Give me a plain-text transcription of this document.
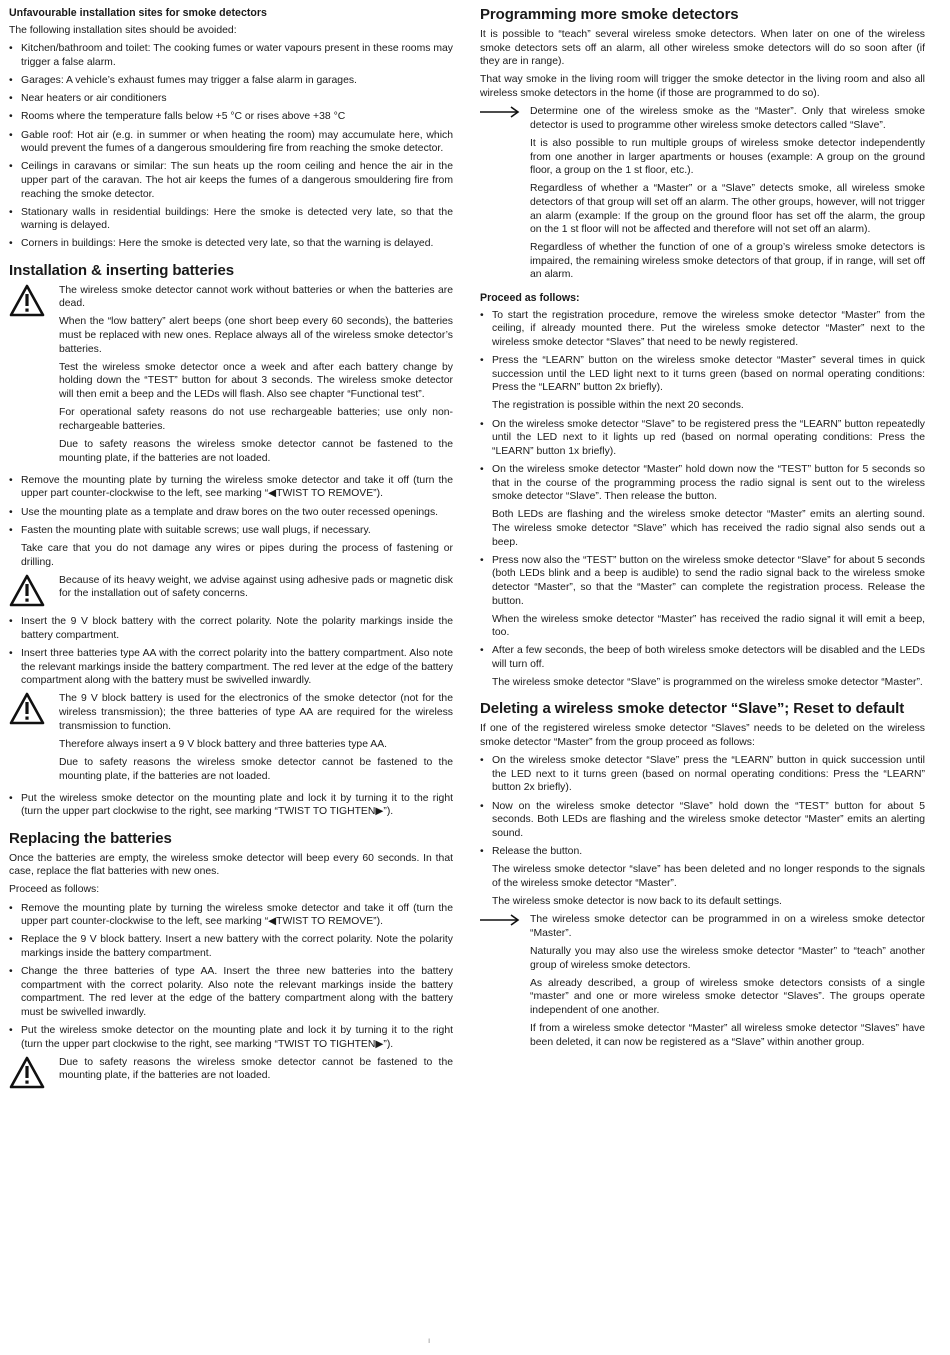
Unfavourable installation sites for smoke detectors

The following installation sites should be avoided:

• Kitchen/bathroom and toilet: The cooking fumes or water vapours present in these rooms may trigger a false alarm.
• Garages: A vehicle’s exhaust fumes may trigger a false alarm in garages.
• Near heaters or air conditioners
• Rooms where the temperature falls below +5 °C or rises above +38 °C
• Gable roof: Hot air (e.g. in summer or when heating the room) may accumulate here, which would prevent the fumes of a dangerous smouldering fire from reaching the smoke detector.
• Ceilings in caravans or similar: The sun heats up the room ceiling and hence the air in the upper part of the caravan. The hot air keeps the fumes of a dangerous smouldering fire from reaching the smoke detector.
• Stationary walls in residential buildings: Here the smoke is detected very late, so that the warning is delayed.
• Corners in buildings: Here the smoke is detected very late, so that the warning is delayed.

Installation & inserting batteries

The wireless smoke detector cannot work without batteries or when the batteries are dead.

When the “low battery” alert beeps (one short beep every 60 seconds), the batteries must be replaced with new ones. Replace always all of the wireless smoke detector’s batteries.

Test the wireless smoke detector once a week and after each battery change by holding down the “TEST” button for about 3 seconds. The wireless smoke detector will then emit a beep and the LEDs will flash. Also see chapter “Functional test”.

For operational safety reasons do not use rechargeable batteries; use only non-rechargeable batteries.

Due to safety reasons the wireless smoke detector cannot be fastened to the mounting plate, if the batteries are not loaded.

• Remove the mounting plate by turning the wireless smoke detector and take it off (turn the upper part counter-clockwise to the left, see marking “◀TWIST TO REMOVE”).
• Use the mounting plate as a template and draw bores on the two outer recessed openings.
• Fasten the mounting plate with suitable screws; use wall plugs, if necessary.

Take care that you do not damage any wires or pipes during the process of fastening or drilling.

Because of its heavy weight, we advise against using adhesive pads or magnetic disk for the installation out of safety concerns.

• Insert the 9 V block battery with the correct polarity. Note the polarity markings inside the battery compartment.
• Insert three batteries type AA with the correct polarity into the battery compartment. Also note the relevant markings inside the battery compartment. The red lever at the edge of the battery compartment along with the battery must be swivelled inwardly.

The 9 V block battery is used for the electronics of the smoke detector (not for the wireless transmission); the three batteries of type AA are required for the wireless transmission to function.

Therefore always insert a 9 V block battery and three batteries type AA.

Due to safety reasons the wireless smoke detector cannot be fastened to the mounting plate, if the batteries are not loaded.

• Put the wireless smoke detector on the mounting plate and lock it by turning it to the right (turn the upper part clockwise to the right, see marking “TWIST TO TIGHTEN▶”).

Replacing the batteries

Once the batteries are empty, the wireless smoke detector will beep every 60 seconds. In that case, replace the flat batteries with new ones.

Proceed as follows:

• Remove the mounting plate by turning the wireless smoke detector and take it off (turn the upper part counter-clockwise to the left, see marking “◀TWIST TO REMOVE”).
• Replace the 9 V block battery. Insert a new battery with the correct polarity. Note the polarity markings inside the battery compartment.
• Change the three batteries of type AA. Insert the three new batteries into the battery compartment with the correct polarity. Also note the relevant markings inside the battery compartment. The red lever at the edge of the battery compartment along with the battery must be swivelled inwardly.
• Put the wireless smoke detector on the mounting plate and lock it by turning it to the right (turn the upper part clockwise to the right, see marking “TWIST TO TIGHTEN▶”).

Due to safety reasons the wireless smoke detector cannot be fastened to the mounting plate, if the batteries are not loaded.

Programming more smoke detectors

It is possible to “teach” several wireless smoke detectors. When later on one of the wireless smoke detectors sets off an alarm, all other wireless smoke detectors will do so soon after (if they are in range).

That way smoke in the living room will trigger the smoke detector in the living room and also all wireless smoke detectors in the home (if those are programmed to do so).

Determine one of the wireless smoke as the “Master”. Only that wireless smoke detector is used to programme other wireless smoke detectors called “Slave”.

It is also possible to run multiple groups of wireless smoke detector independently from one another in larger apartments or houses (example: A group on the ground floor, a group on the 1 st floor, etc.).

Regardless of whether a “Master” or a “Slave” detects smoke, all wireless smoke detectors of that group will set off an alarm. The other groups, however, will not trigger an alarm (example: If the group on the ground floor has set off the alarm, the group on the 1 st floor will not be affected and therefore will not set off an alarm).

Regardless of whether the function of one of a group’s wireless smoke detectors is impaired, the remaining wireless smoke detectors of that group, if in range, will set off an alarm.

Proceed as follows:

• To start the registration procedure, remove the wireless smoke detector “Master” from the ceiling, if already mounted there. Put the wireless smoke detector “Master” next to the wireless smoke detector “Slaves” that need to be newly registered.
• Press the “LEARN” button on the wireless smoke detector “Master” several times in quick succession until the LED light next to it turns green (based on normal operating conditions: Press the “LEARN” button 2x briefly).

The registration is possible within the next 20 seconds.

• On the wireless smoke detector “Slave” to be registered press the “LEARN” button repeatedly until the LED next to it lights up red (based on normal operating conditions: Press the “LEARN” button 1x briefly).
• On the wireless smoke detector “Master” hold down now the “TEST” button for 5 seconds so that in the course of the programming process the radio signal is sent out to the wireless smoke detector “Slave”. Then release the button.

Both LEDs are flashing and the wireless smoke detector “Master” emits an alerting sound. The wireless smoke detector “Slave” which has received the radio signal also sends out a beep.

• Press now also the “TEST” button on the wireless smoke detector “Slave” for about 5 seconds (both LEDs blink and a beep is audible) to send the radio signal back to the wireless smoke detector “Master”, so that the “Master” can complete the registration process. Release the button.

When the wireless smoke detector “Master” has received the radio signal it will emit a beep, too.

• After a few seconds, the beep of both wireless smoke detectors will be disabled and the LEDs will turn off.

The wireless smoke detector “Slave” is programmed on the wireless smoke detector “Master”.

Deleting a wireless smoke detector “Slave”; Reset to default

If one of the registered wireless smoke detector “Slaves” needs to be deleted on the wireless smoke detector “Master” from the group proceed as follows:

• On the wireless smoke detector “Slave” press the “LEARN” button in quick succession until the LED next to it turns green (based on normal operating conditions: Press the “LEARN” button 2x briefly).
• Now on the wireless smoke detector “Slave” hold down the “TEST” button for about 5 seconds. Both LEDs are flashing and the wireless smoke detector “Master” emits an alerting sound.
• Release the button.

The wireless smoke detector “slave” has been deleted and no longer responds to the signals of the wireless smoke detector “Master”.

The wireless smoke detector is now back to its default settings.

The wireless smoke detector can be programmed in on a wireless smoke detector “Master”.

Naturally you may also use the wireless smoke detector “Master” to “teach” another group of wireless smoke detectors.

As already described, a group of wireless smoke detectors consists of a single “master” and one or more wireless smoke detector “Slaves”. The groups operate independent of one another.

If from a wireless smoke detector “Master” all wireless smoke detector “Slaves” have been deleted, it can now be registered as a “Slave” within another group.

ı
